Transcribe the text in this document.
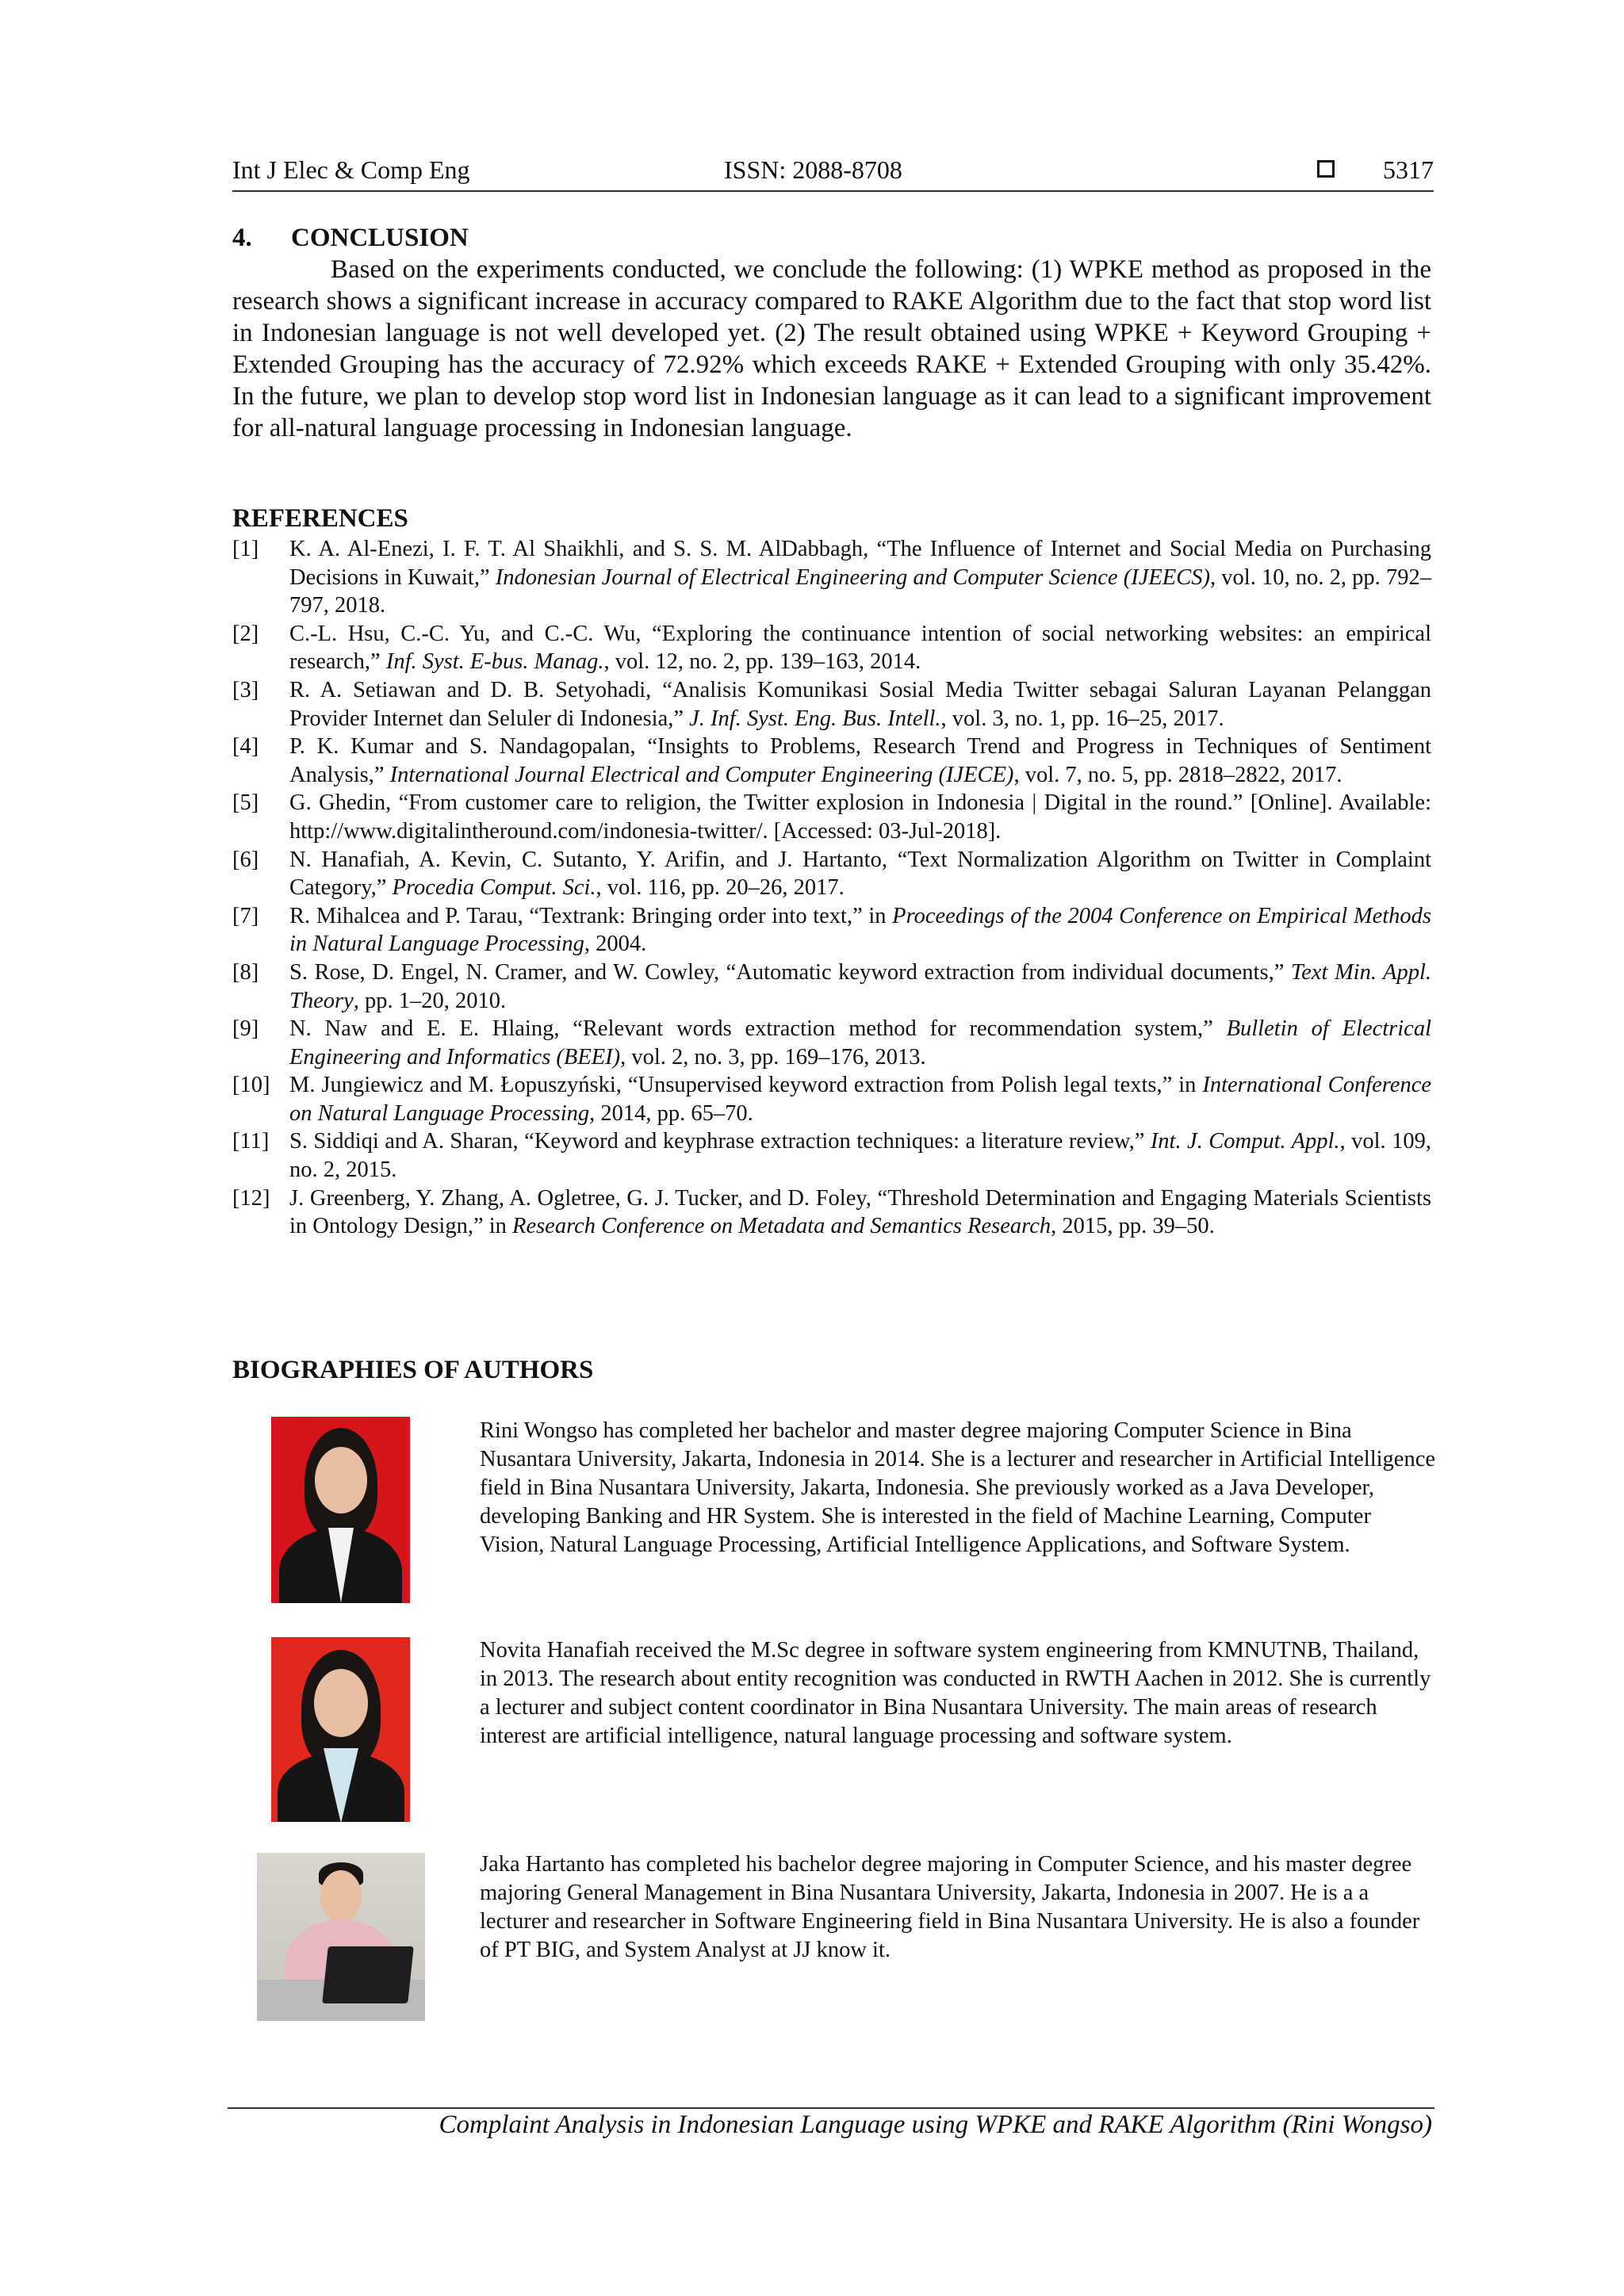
Int J Elec & Comp Eng	ISSN: 2088-8708	5317
4. CONCLUSION

Based on the experiments conducted, we conclude the following: (1) WPKE method as proposed in the research shows a significant increase in accuracy compared to RAKE Algorithm due to the fact that stop word list in Indonesian language is not well developed yet. (2) The result obtained using WPKE + Keyword Grouping + Extended Grouping has the accuracy of 72.92% which exceeds RAKE + Extended Grouping with only 35.42%. In the future, we plan to develop stop word list in Indonesian language as it can lead to a significant improvement for all-natural language processing in Indonesian language.

REFERENCES
[1]	K. A. Al-Enezi, I. F. T. Al Shaikhli, and S. S. M. AlDabbagh, “The Influence of Internet and Social Media on Purchasing Decisions in Kuwait,” Indonesian Journal of Electrical Engineering and Computer Science (IJEECS), vol. 10, no. 2, pp. 792–797, 2018.
[2]	C.-L. Hsu, C.-C. Yu, and C.-C. Wu, “Exploring the continuance intention of social networking websites: an empirical research,” Inf. Syst. E-bus. Manag., vol. 12, no. 2, pp. 139–163, 2014.
[3]	R. A. Setiawan and D. B. Setyohadi, “Analisis Komunikasi Sosial Media Twitter sebagai Saluran Layanan Pelanggan Provider Internet dan Seluler di Indonesia,” J. Inf. Syst. Eng. Bus. Intell., vol. 3, no. 1, pp. 16–25, 2017.
[4]	P. K. Kumar and S. Nandagopalan, “Insights to Problems, Research Trend and Progress in Techniques of Sentiment Analysis,” International Journal Electrical and Computer Engineering (IJECE), vol. 7, no. 5, pp. 2818–2822, 2017.
[5]	G. Ghedin, “From customer care to religion, the Twitter explosion in Indonesia | Digital in the round.” [Online]. Available: http://www.digitalintheround.com/indonesia-twitter/. [Accessed: 03-Jul-2018].
[6]	N. Hanafiah, A. Kevin, C. Sutanto, Y. Arifin, and J. Hartanto, “Text Normalization Algorithm on Twitter in Complaint Category,” Procedia Comput. Sci., vol. 116, pp. 20–26, 2017.
[7]	R. Mihalcea and P. Tarau, “Textrank: Bringing order into text,” in Proceedings of the 2004 Conference on Empirical Methods in Natural Language Processing, 2004.
[8]	S. Rose, D. Engel, N. Cramer, and W. Cowley, “Automatic keyword extraction from individual documents,” Text Min. Appl. Theory, pp. 1–20, 2010.
[9]	N. Naw and E. E. Hlaing, “Relevant words extraction method for recommendation system,” Bulletin of Electrical Engineering and Informatics (BEEI), vol. 2, no. 3, pp. 169–176, 2013.
[10] M. Jungiewicz and M. Łopuszyński, “Unsupervised keyword extraction from Polish legal texts,” in International Conference on Natural Language Processing, 2014, pp. 65–70.
[11] S. Siddiqi and A. Sharan, “Keyword and keyphrase extraction techniques: a literature review,” Int. J. Comput. Appl., vol. 109, no. 2, 2015.
[12] J. Greenberg, Y. Zhang, A. Ogletree, G. J. Tucker, and D. Foley, “Threshold Determination and Engaging Materials Scientists in Ontology Design,” in Research Conference on Metadata and Semantics Research, 2015, pp. 39–50.
BIOGRAPHIES OF AUTHORS
Rini Wongso has completed her bachelor and master degree majoring Computer Science in Bina Nusantara University, Jakarta, Indonesia in 2014. She is a lecturer and researcher in Artificial Intelligence field in Bina Nusantara University, Jakarta, Indonesia. She previously worked as a Java Developer, developing Banking and HR System. She is interested in the field of Machine Learning, Computer Vision, Natural Language Processing, Artificial Intelligence Applications, and Software System.
Novita Hanafiah received the M.Sc degree in software system engineering from KMNUTNB, Thailand, in 2013. The research about entity recognition was conducted in RWTH Aachen in 2012. She is currently a lecturer and subject content coordinator in Bina Nusantara University. The main areas of research interest are artificial intelligence, natural language processing and software system.
Jaka Hartanto has completed his bachelor degree majoring in Computer Science, and his master degree majoring General Management in Bina Nusantara University, Jakarta, Indonesia in 2007. He is a a lecturer and researcher in Software Engineering field in Bina Nusantara University. He is also a founder of PT BIG, and System Analyst at JJ know it.
Complaint Analysis in Indonesian Language using WPKE and RAKE Algorithm (Rini Wongso)
